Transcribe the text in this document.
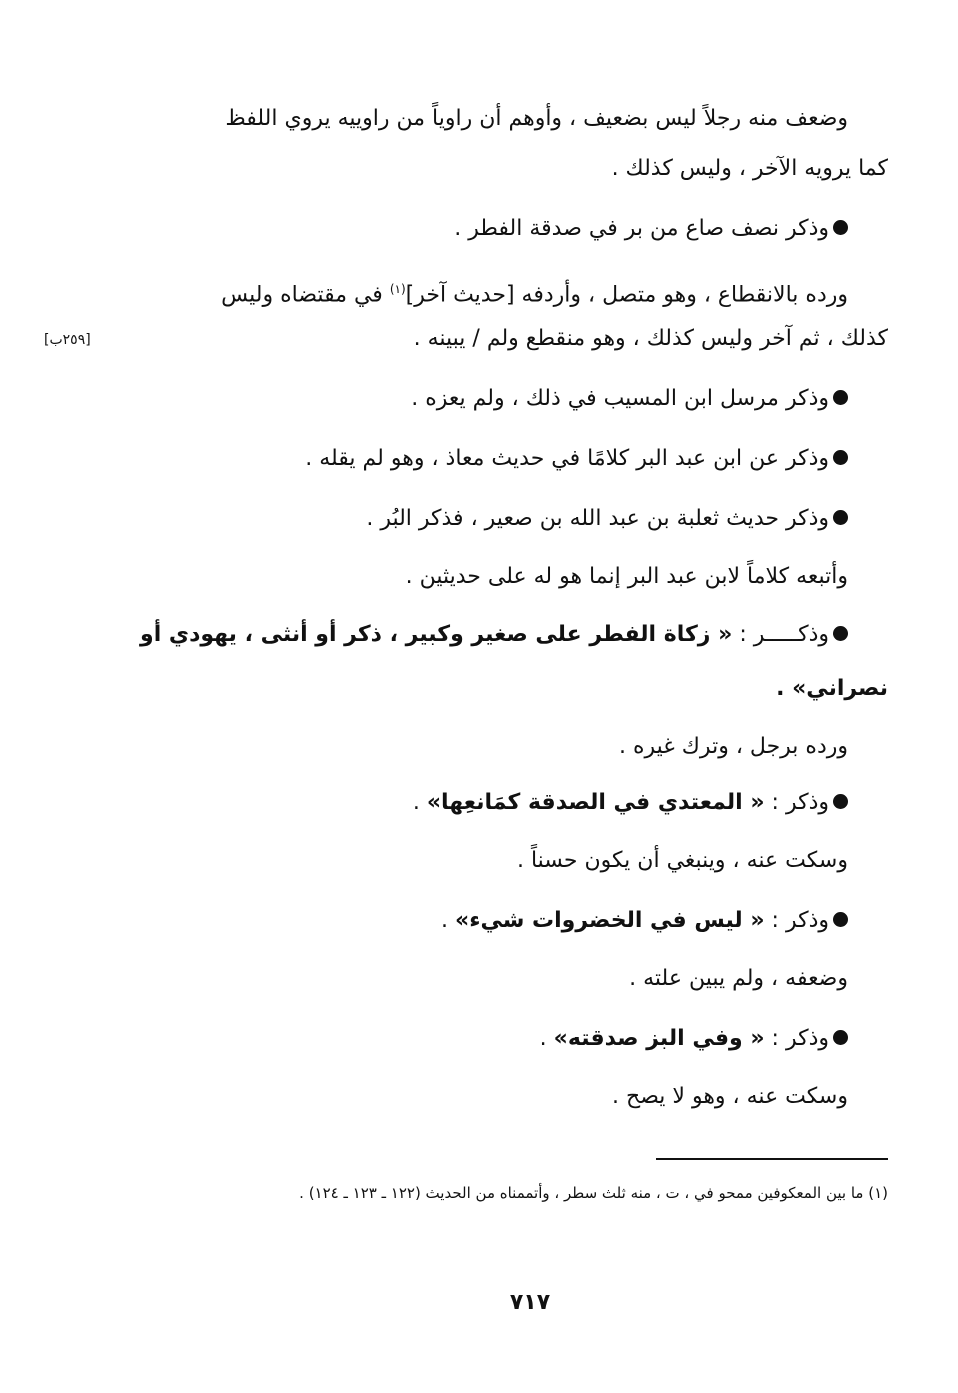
وضعف منه رجلاً ليس بضعيف ، وأوهم أن راوياً من راوييه يروي اللفظ
كما يرويه الآخر ، وليس كذلك .
وذكر نصف صاع من بر في صدقة الفطر .
ورده بالانقطاع ، وهو متصل ، وأردفه [حديث آخر]$^{(١)}$ في مقتضاه وليس
كذلك ، ثم آخر وليس كذلك ، وهو منقطع ولم / يبينه .
[٢٥٩ب]
وذكر مرسل ابن المسيب في ذلك ، ولم يعزه .
وذكر عن ابن عبد البر كلامًا في حديث معاذ ، وهو لم يقله .
وذكر حديث ثعلبة بن عبد الله بن صعير ، فذكر البُر .
وأتبعه كلاماً لابن عبد البر إنما هو له على حديثين .
وذكـــــر : « زكاة الفطر على صغير وكبير ، ذكر أو أنثى ، يهودي أو
نصراني» .
ورده برجل ، وترك غيره .
وذكر : « المعتدي في الصدقة كمَانعِها» .
وسكت عنه ، وينبغي أن يكون حسناً .
وذكر : « ليس في الخضروات شيء» .
وضعفه ، ولم يبين علته .
وذكر : « وفي البز صدقته» .
وسكت عنه ، وهو لا يصح .
(١) ما بين المعكوفين ممحو في ، ت ، منه ثلث سطر ، وأتممناه من الحديث (١٢٢ ـ ١٢٣ ـ ١٢٤) .
٧١٧
